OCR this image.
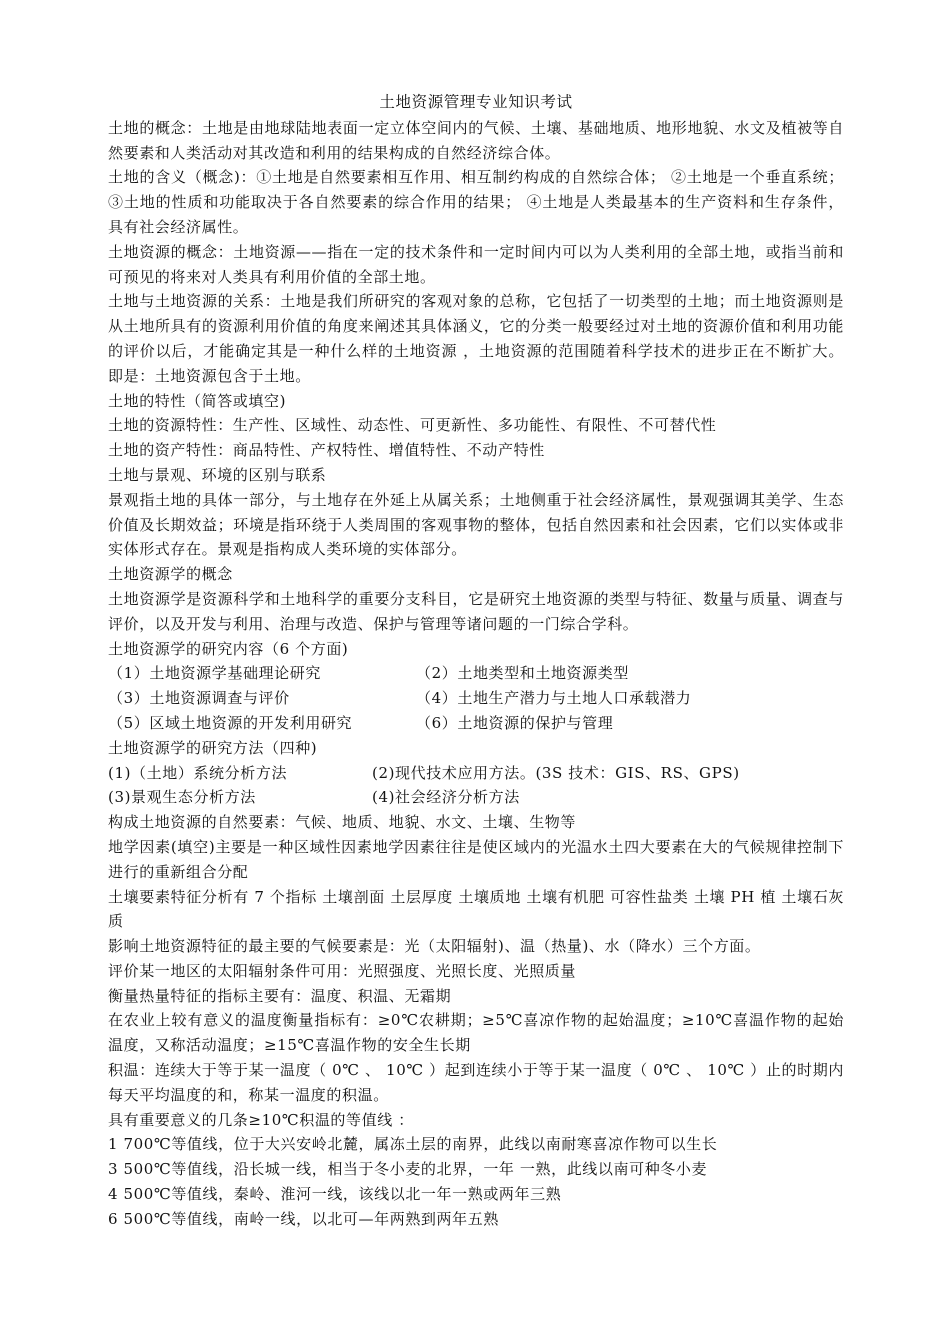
土地资源管理专业知识考试

土地的概念：土地是由地球陆地表面一定立体空间内的气候、土壤、基础地质、地形地貌、水文及植被等自然要素和人类活动对其改造和利用的结果构成的自然经济综合体。

土地的含义（概念)：①土地是自然要素相互作用、相互制约构成的自然综合体； ②土地是一个垂直系统； ③土地的性质和功能取决于各自然要素的综合作用的结果； ④土地是人类最基本的生产资料和生存条件，具有社会经济属性。

土地资源的概念：土地资源——指在一定的技术条件和一定时间内可以为人类利用的全部土地，或指当前和可预见的将来对人类具有利用价值的全部土地。

土地与土地资源的关系：土地是我们所研究的客观对象的总称，它包括了一切类型的土地；而土地资源则是从土地所具有的资源利用价值的角度来阐述其具体涵义，它的分类一般要经过对土地的资源价值和利用功能的评价以后，才能确定其是一种什么样的土地资源 ，土地资源的范围随着科学技术的进步正在不断扩大。 即是：土地资源包含于土地。

土地的特性（简答或填空)

土地的资源特性：生产性、区域性、动态性、可更新性、多功能性、有限性、不可替代性

土地的资产特性：商品特性、产权特性、增值特性、不动产特性

土地与景观、环境的区别与联系

景观指土地的具体一部分，与土地存在外延上从属关系；土地侧重于社会经济属性，景观强调其美学、生态价值及长期效益；环境是指环绕于人类周围的客观事物的整体，包括自然因素和社会因素，它们以实体或非实体形式存在。景观是指构成人类环境的实体部分。

土地资源学的概念

土地资源学是资源科学和土地科学的重要分支科目，它是研究土地资源的类型与特征、数量与质量、调查与评价，以及开发与利用、治理与改造、保护与管理等诸问题的一门综合学科。

土地资源学的研究内容（6 个方面)

（1）土地资源学基础理论研究	（2）土地类型和土地资源类型
（3）土地资源调查与评价	（4）土地生产潜力与土地人口承载潜力
（5）区域土地资源的开发利用研究	（6）土地资源的保护与管理

土地资源学的研究方法（四种)

(1)（土地）系统分析方法	(2)现代技术应用方法。(3S 技术：GIS、RS、GPS)
(3)景观生态分析方法	(4)社会经济分析方法

构成土地资源的自然要素：气候、地质、地貌、水文、土壤、生物等

地学因素(填空)主要是一种区域性因素地学因素往往是使区域内的光温水土四大要素在大的气候规律控制下进行的重新组合分配

土壤要素特征分析有 7 个指标 土壤剖面 土层厚度 土壤质地 土壤有机肥 可容性盐类 土壤 PH 植 土壤石灰质

影响土地资源特征的最主要的气候要素是：光（太阳辐射)、温（热量)、水（降水）三个方面。

评价某一地区的太阳辐射条件可用：光照强度、光照长度、光照质量

衡量热量特征的指标主要有：温度、积温、无霜期

在农业上较有意义的温度衡量指标有：≥0℃农耕期；≥5℃喜凉作物的起始温度；≥10℃喜温作物的起始温度，又称活动温度；≥15℃喜温作物的安全生长期

积温：连续大于等于某一温度（ 0℃ 、 10℃ ）起到连续小于等于某一温度（ 0℃ 、 10℃ ）止的时期内每天平均温度的和，称某一温度的积温。

具有重要意义的几条≥10℃积温的等值线 ：

1 700℃等值线，位于大兴安岭北麓，属冻土层的南界，此线以南耐寒喜凉作物可以生长

3 500℃等值线，沿长城一线，相当于冬小麦的北界，一年 一熟，此线以南可种冬小麦

4 500℃等值线，秦岭、淮河一线，该线以北一年一熟或两年三熟

6 500℃等值线，南岭一线，以北可—年两熟到两年五熟
